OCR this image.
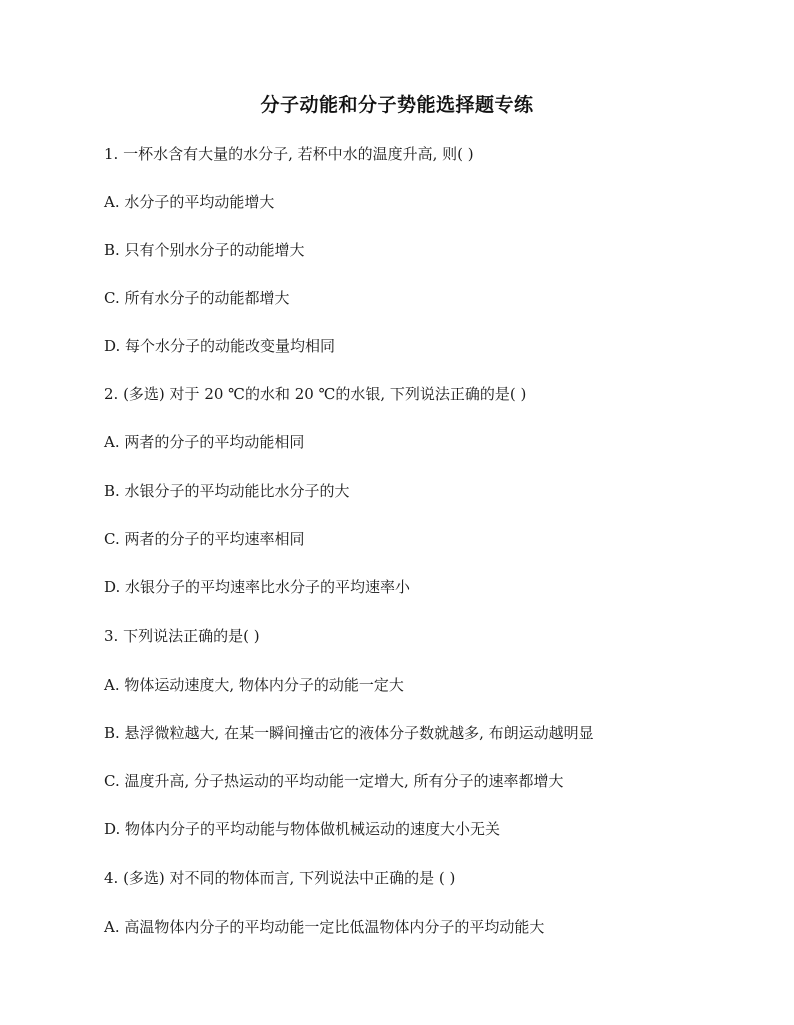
分子动能和分子势能选择题专练
1. 一杯水含有大量的水分子, 若杯中水的温度升高, 则( )
A. 水分子的平均动能增大
B. 只有个别水分子的动能增大
C. 所有水分子的动能都增大
D. 每个水分子的动能改变量均相同
2. (多选) 对于 20 ℃的水和 20 ℃的水银, 下列说法正确的是( )
A. 两者的分子的平均动能相同
B. 水银分子的平均动能比水分子的大
C. 两者的分子的平均速率相同
D. 水银分子的平均速率比水分子的平均速率小
3. 下列说法正确的是( )
A. 物体运动速度大, 物体内分子的动能一定大
B. 悬浮微粒越大, 在某一瞬间撞击它的液体分子数就越多, 布朗运动越明显
C. 温度升高, 分子热运动的平均动能一定增大, 所有分子的速率都增大
D. 物体内分子的平均动能与物体做机械运动的速度大小无关
4. (多选) 对不同的物体而言, 下列说法中正确的是 ( )
A. 高温物体内分子的平均动能一定比低温物体内分子的平均动能大
